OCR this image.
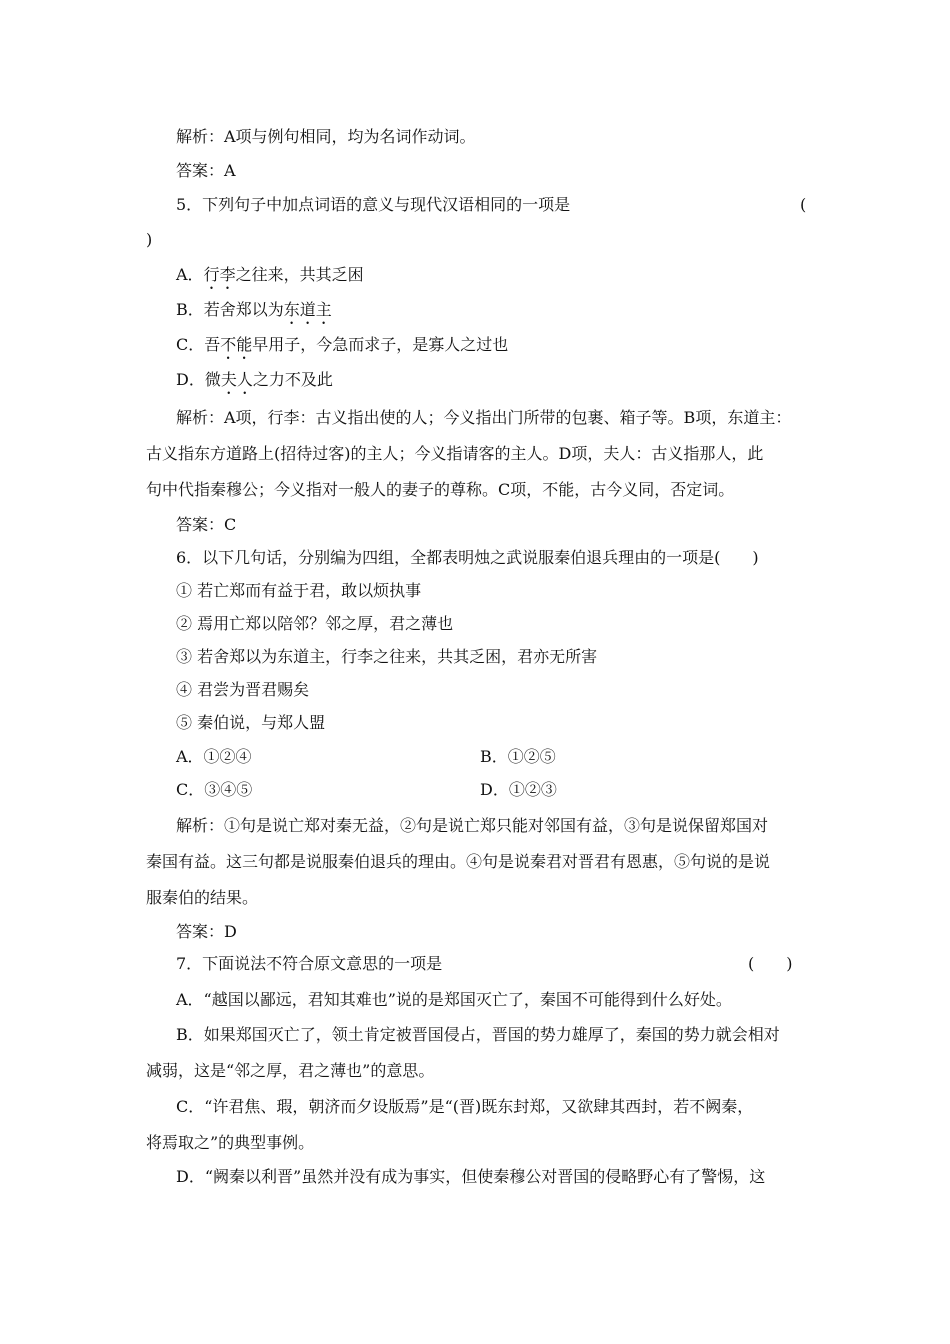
解析：A项与例句相同，均为名词作动词。
答案：A
5．下列句子中加点词语的意义与现代汉语相同的一项是	(
)
A．行李之往来，共其乏困
B．若舍郑以为东道主
C．吾不能早用子，今急而求子，是寡人之过也
D．微夫人之力不及此
解析：A项，行李：古义指出使的人；今义指出门所带的包裹、箱子等。B项，东道主：
古义指东方道路上(招待过客)的主人；今义指请客的主人。D项，夫人：古义指那人，此
句中代指秦穆公；今义指对一般人的妻子的尊称。C项，不能，古今义同，否定词。
答案：C
6．以下几句话，分别编为四组，全都表明烛之武说服秦伯退兵理由的一项是(　　)
① 若亡郑而有益于君，敢以烦执事
② 焉用亡郑以陪邻？邻之厚，君之薄也
③ 若舍郑以为东道主，行李之往来，共其乏困，君亦无所害
④ 君尝为晋君赐矣
⑤ 秦伯说，与郑人盟
A．①②④	B．①②⑤
C．③④⑤	D．①②③
解析：①句是说亡郑对秦无益，②句是说亡郑只能对邻国有益，③句是说保留郑国对
秦国有益。这三句都是说服秦伯退兵的理由。④句是说秦君对晋君有恩惠，⑤句说的是说
服秦伯的结果。
答案：D
7．下面说法不符合原文意思的一项是	(　　)
A．“越国以鄙远，君知其难也”说的是郑国灭亡了，秦国不可能得到什么好处。
B．如果郑国灭亡了，领土肯定被晋国侵占，晋国的势力雄厚了，秦国的势力就会相对
减弱，这是“邻之厚，君之薄也”的意思。
C．“许君焦、瑕，朝济而夕设版焉”是“(晋)既东封郑，又欲肆其西封，若不阙秦，
将焉取之”的典型事例。
D．“阙秦以利晋”虽然并没有成为事实，但使秦穆公对晋国的侵略野心有了警惕，这
